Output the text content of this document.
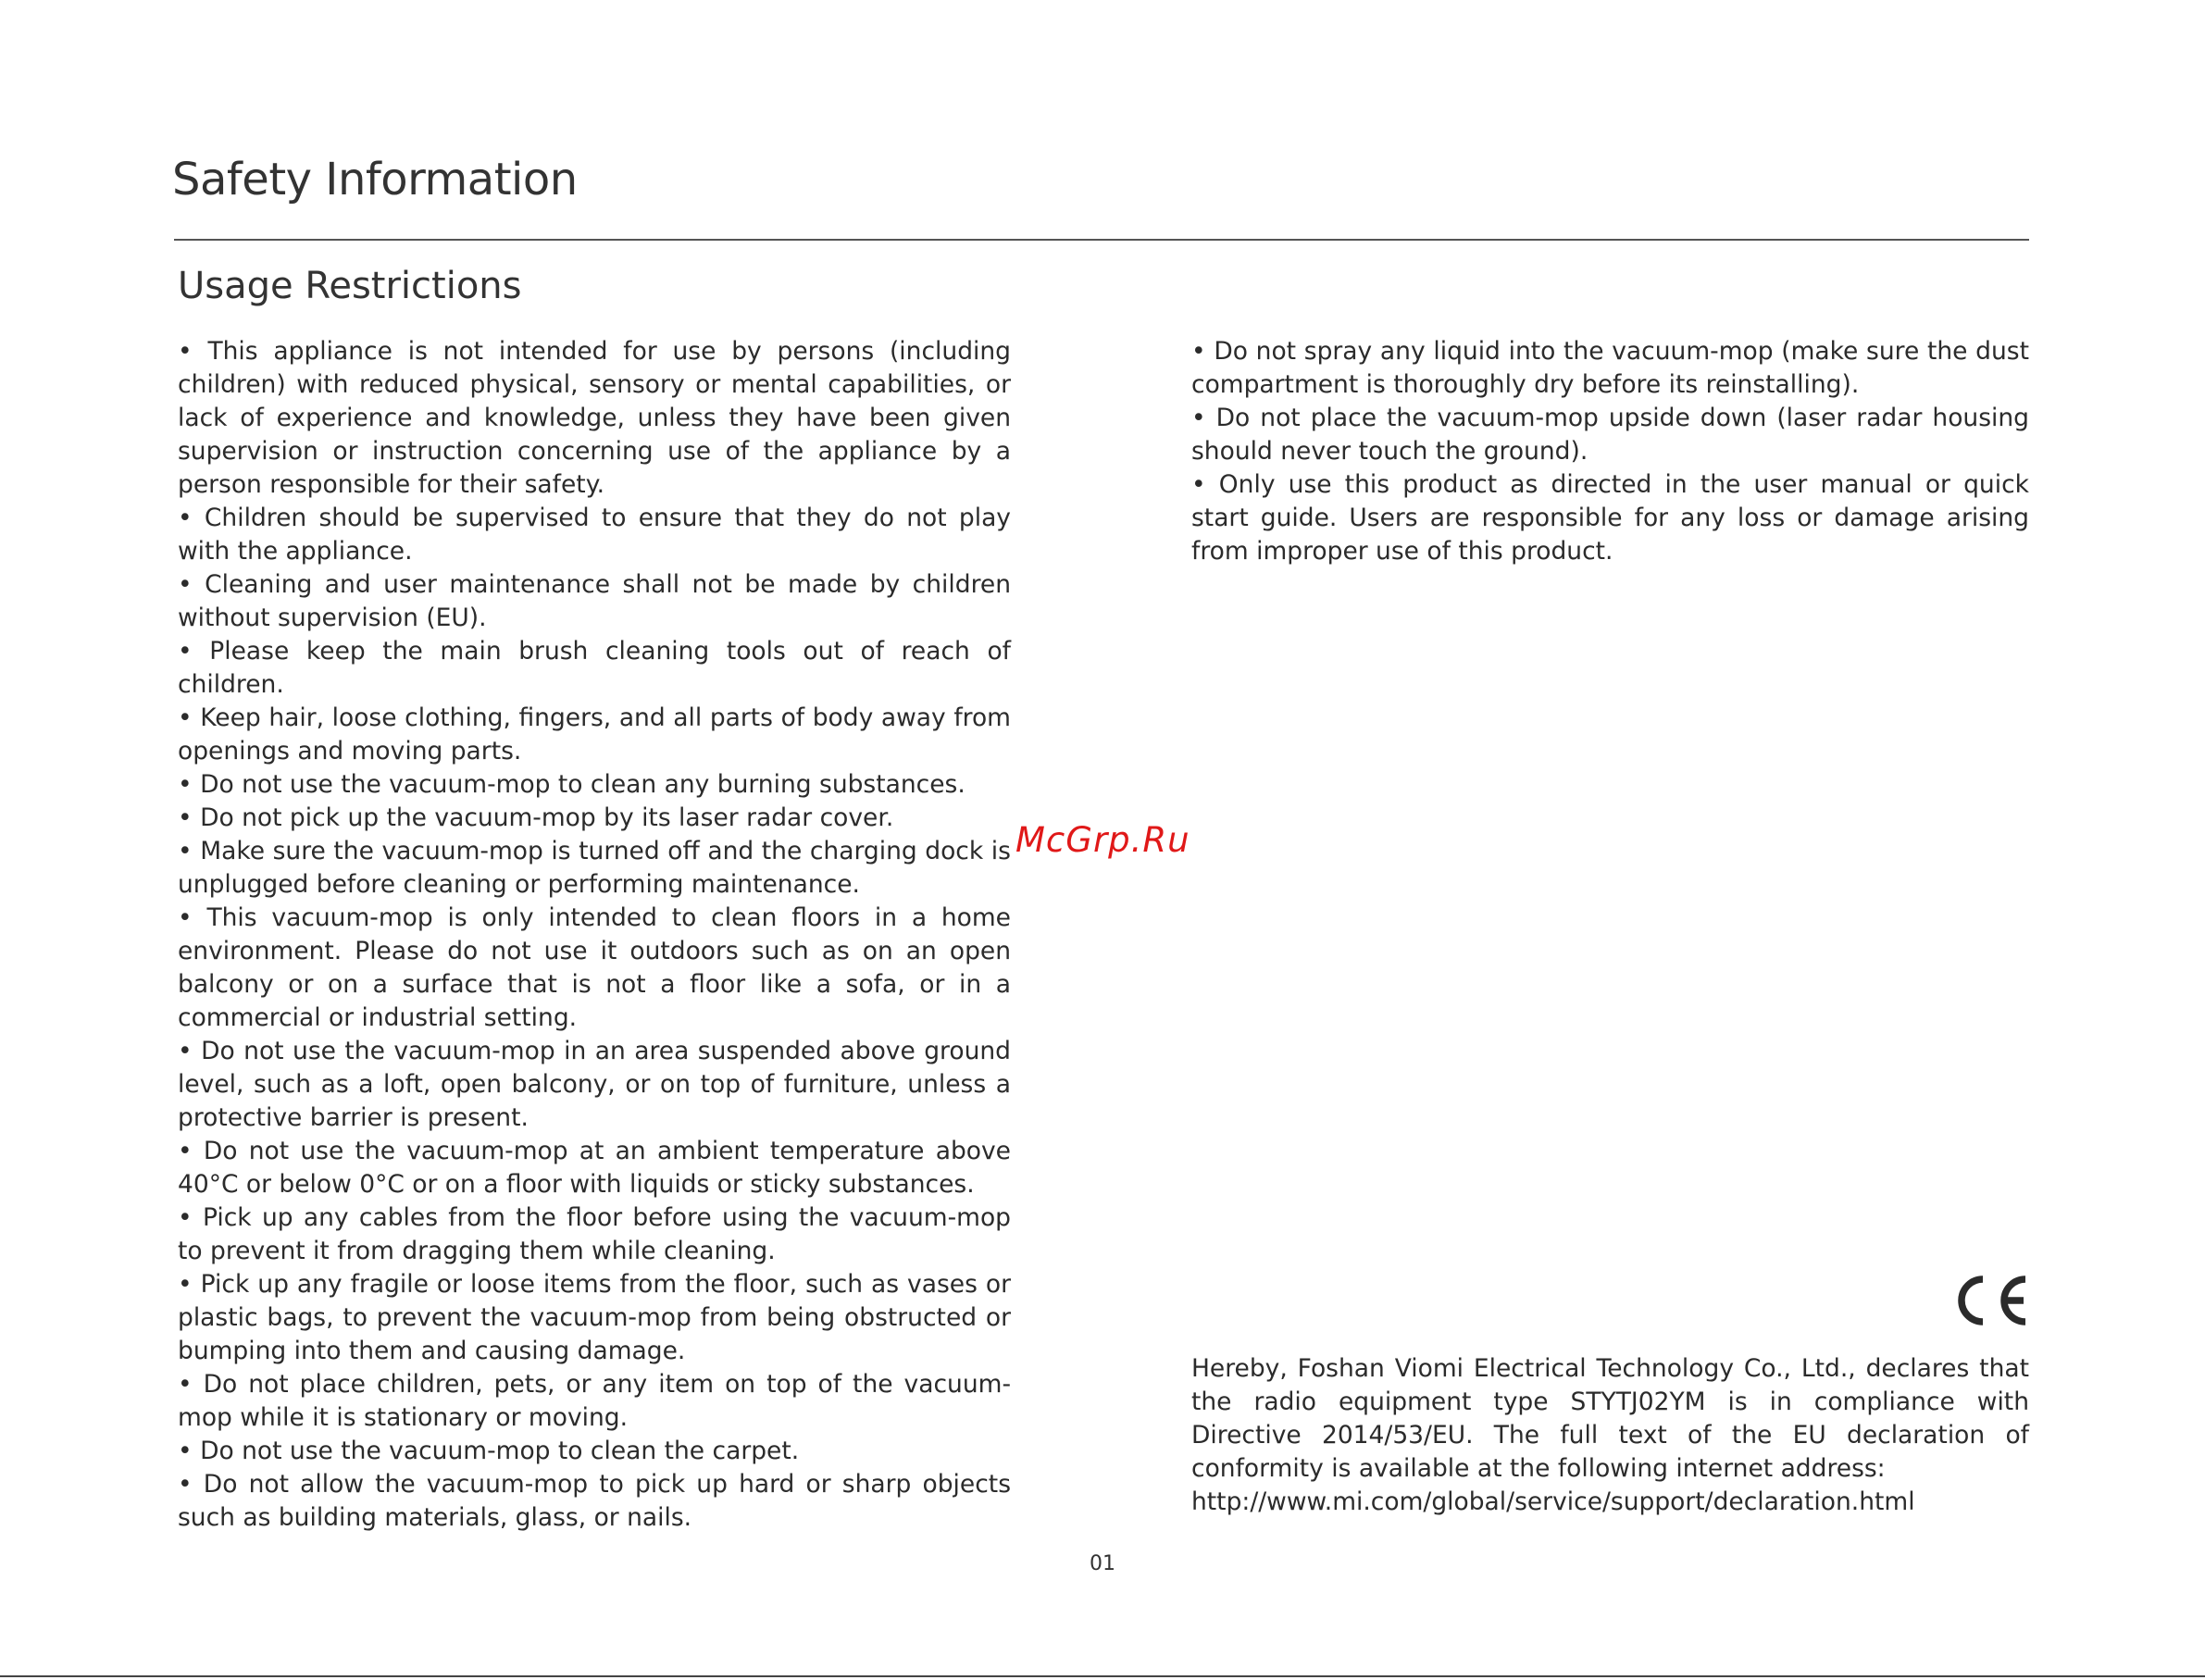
Safety Information
Usage Restrictions

• This appliance is not intended for use by persons (including children) with reduced physical, sensory or mental capabilities, or lack of experience and knowledge, unless they have been given supervision or instruction concerning use of the appliance by a person responsible for their safety.

• Children should be supervised to ensure that they do not play with the appliance.

• Cleaning and user maintenance shall not be made by children without supervision (EU).

• Please keep the main brush cleaning tools out of reach of children.

• Keep hair, loose clothing, fingers, and all parts of body away from openings and moving parts.

• Do not use the vacuum-mop to clean any burning substances.

• Do not pick up the vacuum-mop by its laser radar cover.

• Make sure the vacuum-mop is turned off and the charging dock is unplugged before cleaning or performing maintenance.

• This vacuum-mop is only intended to clean floors in a home environment. Please do not use it outdoors such as on an open balcony or on a surface that is not a floor like a sofa, or in a commercial or industrial setting.

• Do not use the vacuum-mop in an area suspended above ground level, such as a loft, open balcony, or on top of furniture, unless a protective barrier is present.

• Do not use the vacuum-mop at an ambient temperature above 40°C or below 0°C or on a floor with liquids or sticky substances.

• Pick up any cables from the floor before using the vacuum-mop to prevent it from dragging them while cleaning.

• Pick up any fragile or loose items from the floor, such as vases or plastic bags, to prevent the vacuum-mop from being obstructed or bumping into them and causing damage.

• Do not place children, pets, or any item on top of the vacuum-mop while it is stationary or moving.

• Do not use the vacuum-mop to clean the carpet.

• Do not allow the vacuum-mop to pick up hard or sharp objects such as building materials, glass, or nails.

McGrp.Ru

• Do not spray any liquid into the vacuum-mop (make sure the dust compartment is thoroughly dry before its reinstalling).

• Do not place the vacuum-mop upside down (laser radar housing should never touch the ground).

• Only use this product as directed in the user manual or quick start guide. Users are responsible for any loss or damage arising from improper use of this product.

Hereby, Foshan Viomi Electrical Technology Co., Ltd., declares that the radio equipment type STYTJ02YM is in compliance with Directive 2014/53/EU. The full text of the EU declaration of conformity is available at the following internet address:

http://www.mi.com/global/service/support/declaration.html
01
